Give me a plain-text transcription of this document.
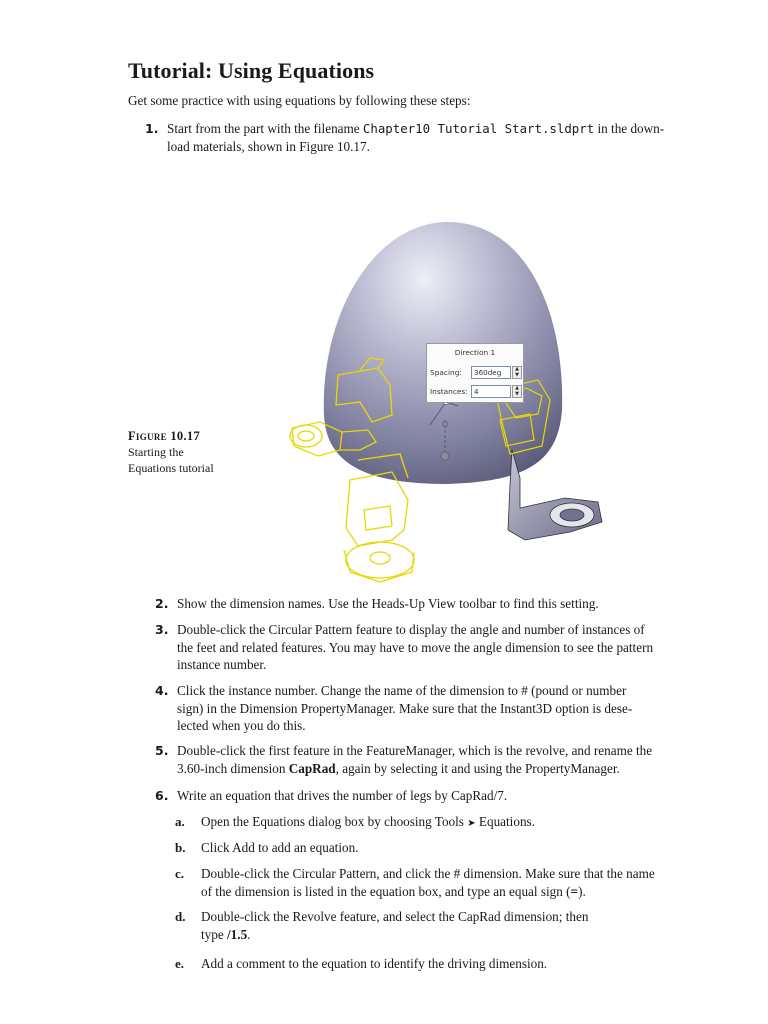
Tutorial: Using Equations
Get some practice with using equations by following these steps:
1. Start from the part with the filename Chapter10 Tutorial Start.sldprt in the down-
load materials, shown in Figure 10.17.
Figure 10.17
Starting the
Equations tutorial
Direction 1
Spacing:	360deg	▲
▼
Instances: 4	▲
▼
2. Show the dimension names. Use the Heads-Up View toolbar to find this setting.
3. Double-click the Circular Pattern feature to display the angle and number of instances of
the feet and related features. You may have to move the angle dimension to see the pattern
instance number.
4. Click the instance number. Change the name of the dimension to # (pound or number
sign) in the Dimension PropertyManager. Make sure that the Instant3D option is dese-
lected when you do this.
5. Double-click the first feature in the FeatureManager, which is the revolve, and rename the
3.60-inch dimension CapRad, again by selecting it and using the PropertyManager.
6. Write an equation that drives the number of legs by CapRad/7.
a. Open the Equations dialog box by choosing Tools ➤ Equations.
b. Click Add to add an equation.
c. Double-click the Circular Pattern, and click the # dimension. Make sure that the name
of the dimension is listed in the equation box, and type an equal sign (=).
d. Double-click the Revolve feature, and select the CapRad dimension; then
type /1.5.
e. Add a comment to the equation to identify the driving dimension.
